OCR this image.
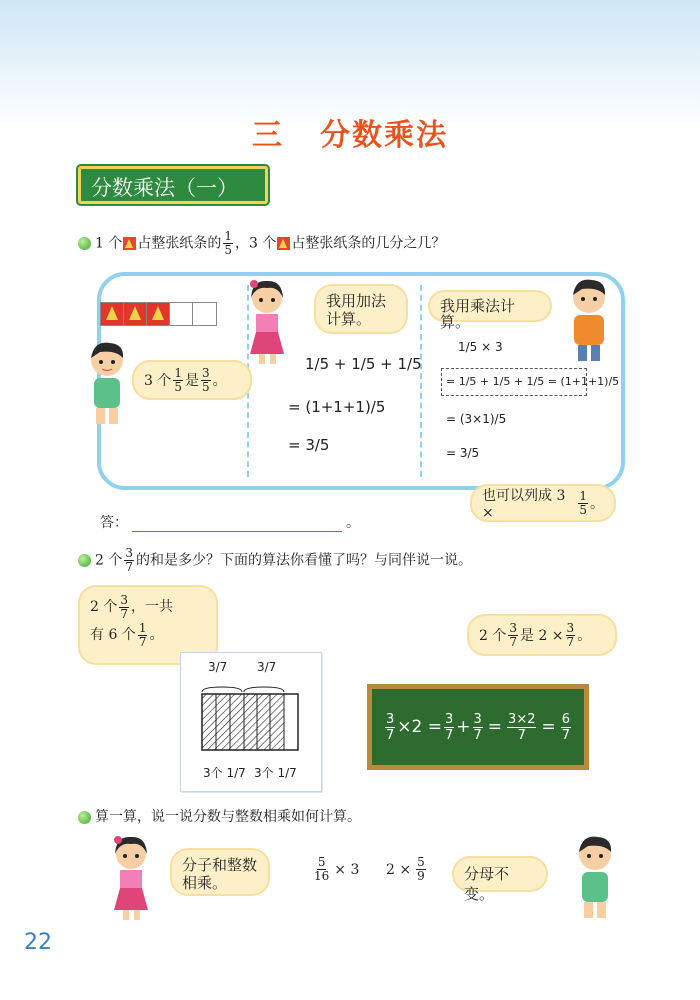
三 分数乘法
分数乘法（一）
1 个 占整张纸条的 $\frac{1}{5}$ ，3 个 占整张纸条的几分之几？
3 个 $\frac{1}{5}$ 是 $\frac{3}{5}$ 。
我用加法计算。
1/5 + 1/5 + 1/5
= (1+1+1)/5
= 3/5
我用乘法计算。
1/5 × 3
= 1/5 + 1/5 + 1/5 = (1+1+1)/5
= (3×1)/5
= 3/5
也可以列成 3 ×	$\frac{1}{5}$ 。
答：	。
2 个 $\frac{3}{7}$ 的和是多少？下面的算法你看懂了吗？与同伴说一说。
2 个 $\frac{3}{7}$ ，一共
有 6 个 $\frac{1}{7}$ 。	2 个 $\frac{3}{7}$ 是 $2 \times \frac{3}{7}$ 。
3/7 3/7
3个 1/7 3个 1/7
$\frac{3}{7} \times 2 = \frac{3}{7} + \frac{3}{7} = \frac{3\times 2}{7} = \frac{6}{7}$
算一算，说一说分数与整数相乘如何计算。
分子和整数相乘。	$\frac{5}{16} \times 3$ $2 \times \frac{5}{9}$	分母不变。
22
